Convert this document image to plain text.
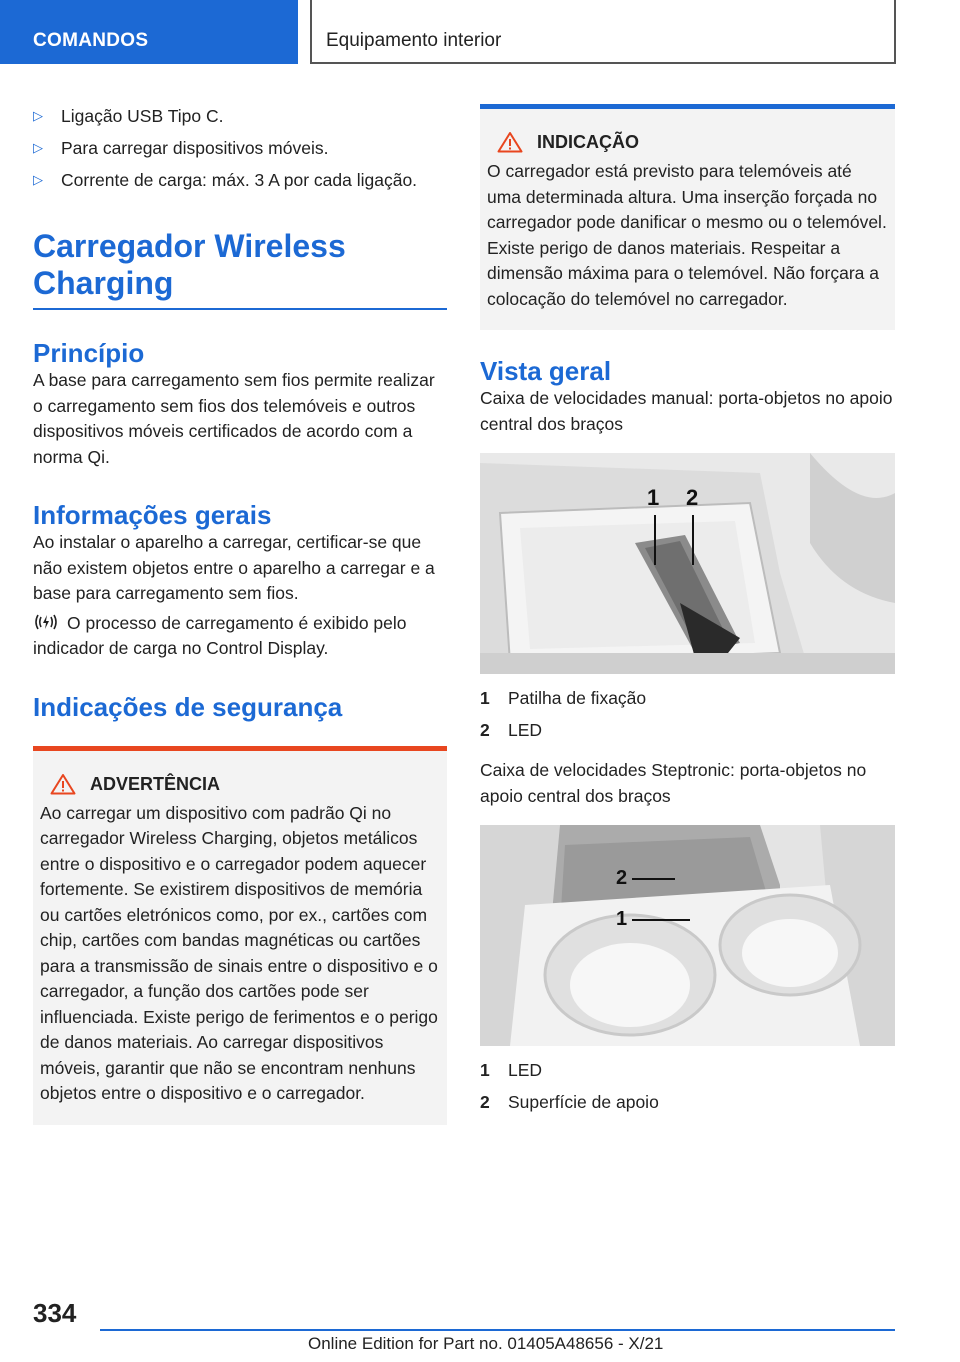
COMANDOS	Equipamento interior
▷ Ligação USB Tipo C.
▷ Para carregar dispositivos móveis.
▷ Corrente de carga: máx. 3 A por cada ligação.
Carregador Wireless Charging
Princípio

A base para carregamento sem fios permite realizar o carregamento sem fios dos telemóveis e outros dispositivos móveis certificados de acordo com a norma Qi.

Informações gerais

Ao instalar o aparelho a carregar, certificar-se que não existem objetos entre o aparelho a carregar e a base para carregamento sem fios.

O processo de carregamento é exibido pelo indicador de carga no Control Display.

Indicações de segurança
ADVERTÊNCIA
Ao carregar um dispositivo com padrão Qi no carregador Wireless Charging, objetos metálicos entre o dispositivo e o carregador podem aquecer fortemente. Se existirem dispositivos de memória ou cartões eletrónicos como, por ex., cartões com chip, cartões com bandas magnéticas ou cartões para a transmissão de sinais entre o dispositivo e o carregador, a função dos cartões pode ser influenciada. Existe perigo de ferimentos e o perigo de danos materiais. Ao carregar dispositivos móveis, garantir que não se encontram nenhuns objetos entre o dispositivo e o carregador.
INDICAÇÃO
O carregador está previsto para telemóveis até uma determinada altura. Uma inserção forçada no carregador pode danificar o mesmo ou o telemóvel. Existe perigo de danos materiais. Respeitar a dimensão máxima para o telemóvel. Não forçara a colocação do telemóvel no carregador.
Vista geral

Caixa de velocidades manual: porta-objetos no apoio central dos braços

1 2
1	Patilha de fixação
2	LED

Caixa de velocidades Steptronic: porta-objetos no apoio central dos braços

2
1
1	LED
2	Superfície de apoio
334
Online Edition for Part no. 01405A48656 - X/21
